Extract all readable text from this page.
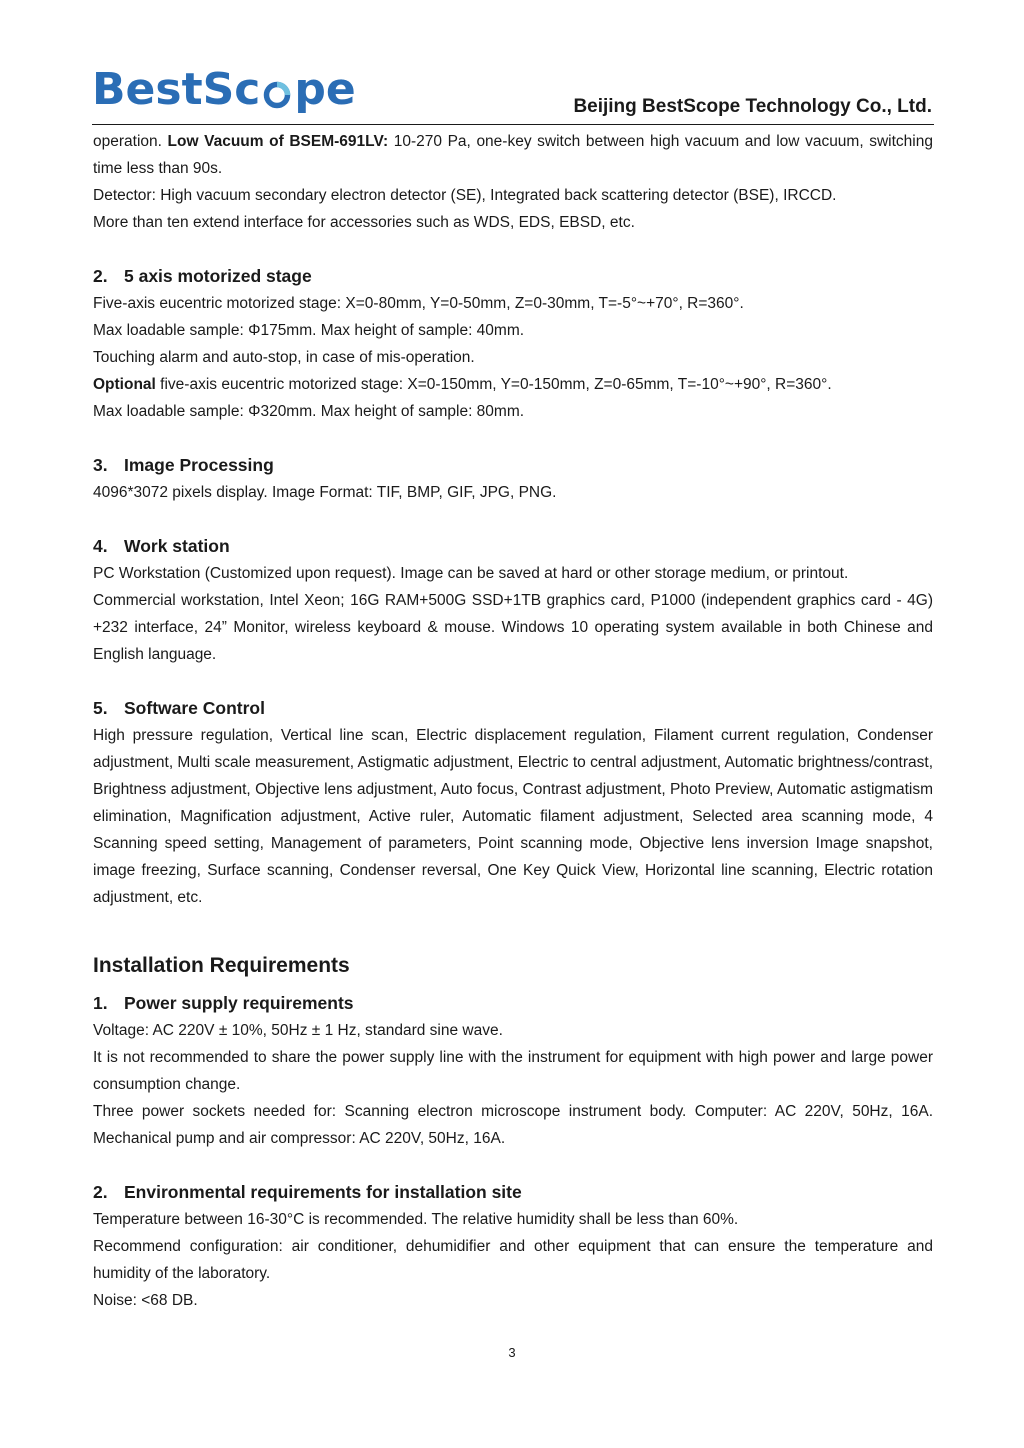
BestSc pe	Beijing BestScope Technology Co., Ltd.

operation. Low Vacuum of BSEM-691LV: 10-270 Pa, one-key switch between high vacuum and low vacuum, switching time less than 90s.

Detector: High vacuum secondary electron detector (SE), Integrated back scattering detector (BSE), IRCCD.

More than ten extend interface for accessories such as WDS, EDS, EBSD, etc.

2. 5 axis motorized stage

Five-axis eucentric motorized stage: X=0-80mm, Y=0-50mm, Z=0-30mm, T=-5°~+70°, R=360°.

Max loadable sample: Φ175mm. Max height of sample: 40mm.

Touching alarm and auto-stop, in case of mis-operation.

Optional five-axis eucentric motorized stage: X=0-150mm, Y=0-150mm, Z=0-65mm, T=-10°~+90°, R=360°.

Max loadable sample: Φ320mm. Max height of sample: 80mm.

3. Image Processing

4096*3072 pixels display. Image Format: TIF, BMP, GIF, JPG, PNG.

4. Work station

PC Workstation (Customized upon request). Image can be saved at hard or other storage medium, or printout.

Commercial workstation, Intel Xeon; 16G RAM+500G SSD+1TB graphics card, P1000 (independent graphics card - 4G) +232 interface, 24” Monitor, wireless keyboard & mouse. Windows 10 operating system available in both Chinese and English language.

5. Software Control

High pressure regulation, Vertical line scan, Electric displacement regulation, Filament current regulation, Condenser adjustment, Multi scale measurement, Astigmatic adjustment, Electric to central adjustment, Automatic brightness/contrast, Brightness adjustment, Objective lens adjustment, Auto focus, Contrast adjustment, Photo Preview, Automatic astigmatism elimination, Magnification adjustment, Active ruler, Automatic filament adjustment, Selected area scanning mode, 4 Scanning speed setting, Management of parameters, Point scanning mode, Objective lens inversion Image snapshot, image freezing, Surface scanning, Condenser reversal, One Key Quick View, Horizontal line scanning, Electric rotation adjustment, etc.

Installation Requirements

1. Power supply requirements

Voltage: AC 220V ± 10%, 50Hz ± 1 Hz, standard sine wave.

It is not recommended to share the power supply line with the instrument for equipment with high power and large power consumption change.

Three power sockets needed for: Scanning electron microscope instrument body. Computer: AC 220V, 50Hz, 16A. Mechanical pump and air compressor: AC 220V, 50Hz, 16A.

2. Environmental requirements for installation site

Temperature between 16-30°C is recommended. The relative humidity shall be less than 60%.

Recommend configuration: air conditioner, dehumidifier and other equipment that can ensure the temperature and humidity of the laboratory.

Noise: <68 DB.

3
